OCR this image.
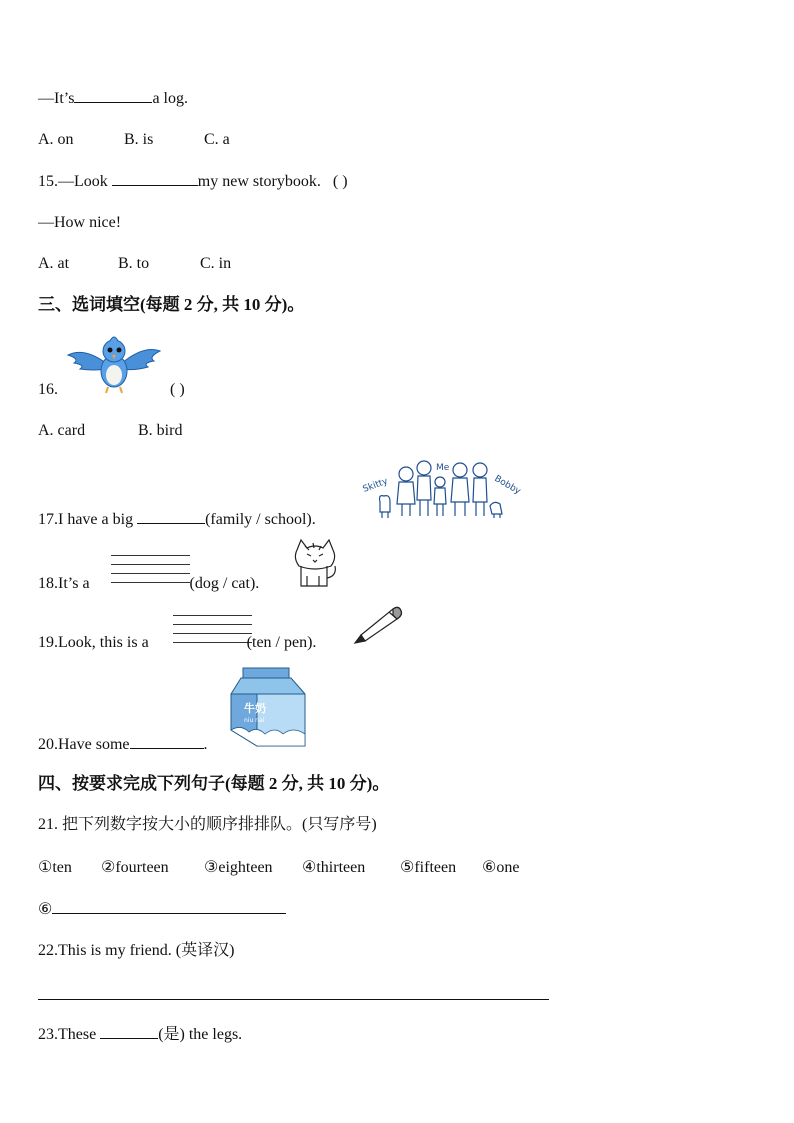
—It’s	a log.
A. on	B. is	C. a
15.—Look	my new storybook. ( )
—How nice!
A. at	B. to	C. in
三、选词填空(每题 2 分, 共 10 分)。
16.	( )
A. card	B. bird
Skitty
Me
Bobby
17.I have a big	(family / school).
18.It’s a	(dog / cat).
19.Look, this is a	(ten / pen).
牛奶
niu nai
20.Have some	.
四、按要求完成下列句子(每题 2 分, 共 10 分)。
21. 把下列数字按大小的顺序排排队。(只写序号)
①ten ②fourteen ③eighteen ④thirteen ⑤fifteen ⑥one
⑥
22.This is my friend. (英译汉)
23.These	(是) the legs.
